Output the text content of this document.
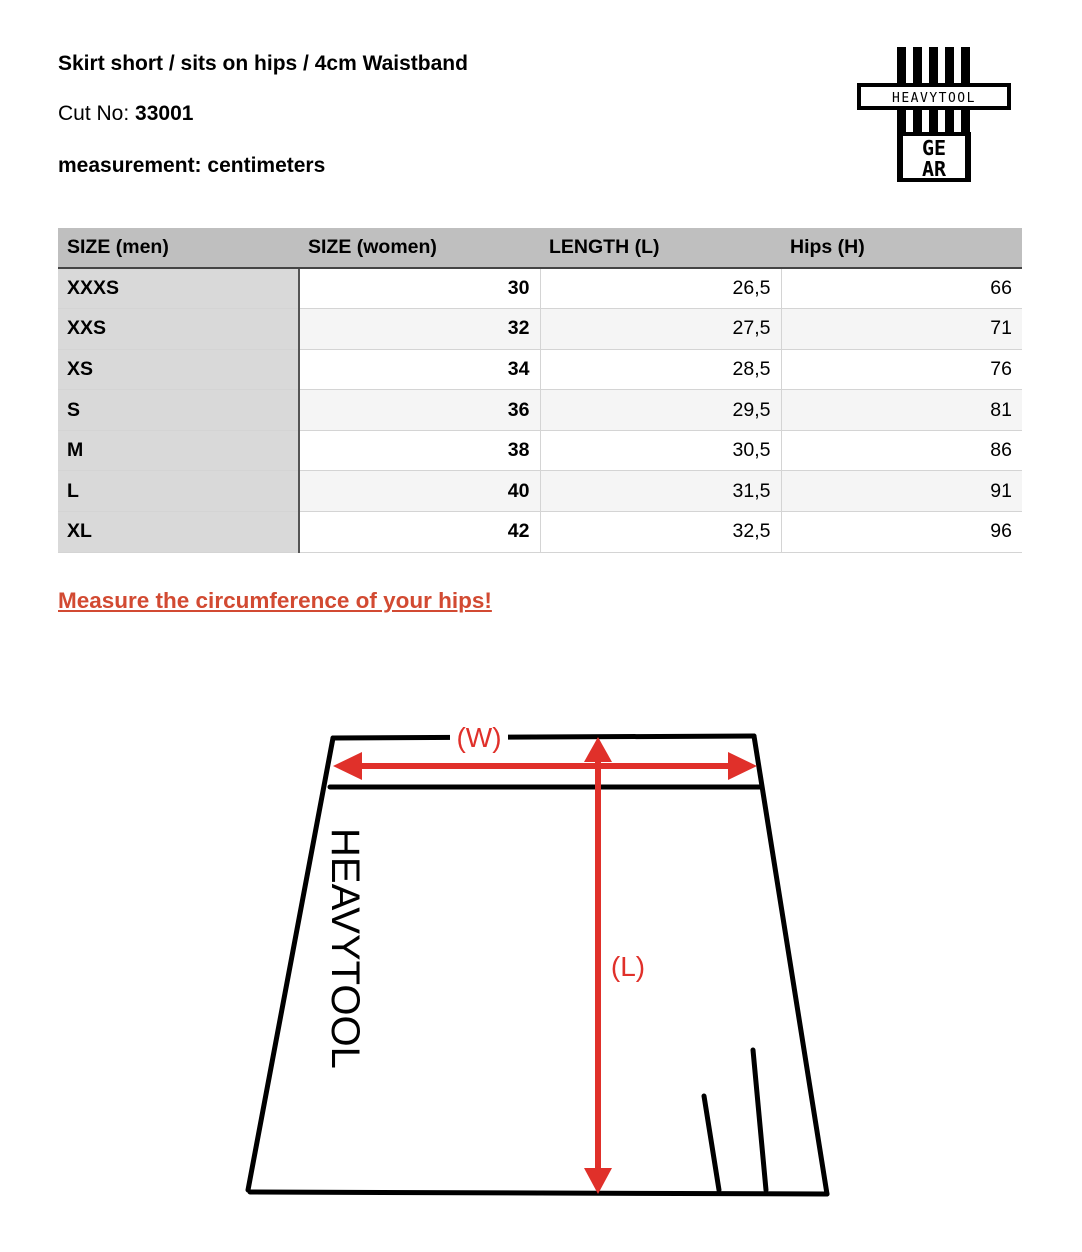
Skirt short / sits on hips / 4cm Waistband
Cut No: 33001
measurement: centimeters
HEAVYTOOL
GE
AR
SIZE (men)	SIZE (women)	LENGTH (L)	Hips (H)
XXXS	30	26,5	66
XXS	32	27,5	71
XS	34	28,5	76
S	36	29,5	81
M	38	30,5	86
L	40	31,5	91
XL	42	32,5	96
Measure the circumference of your hips!
HEAVYTOOL
(W)
(L)
